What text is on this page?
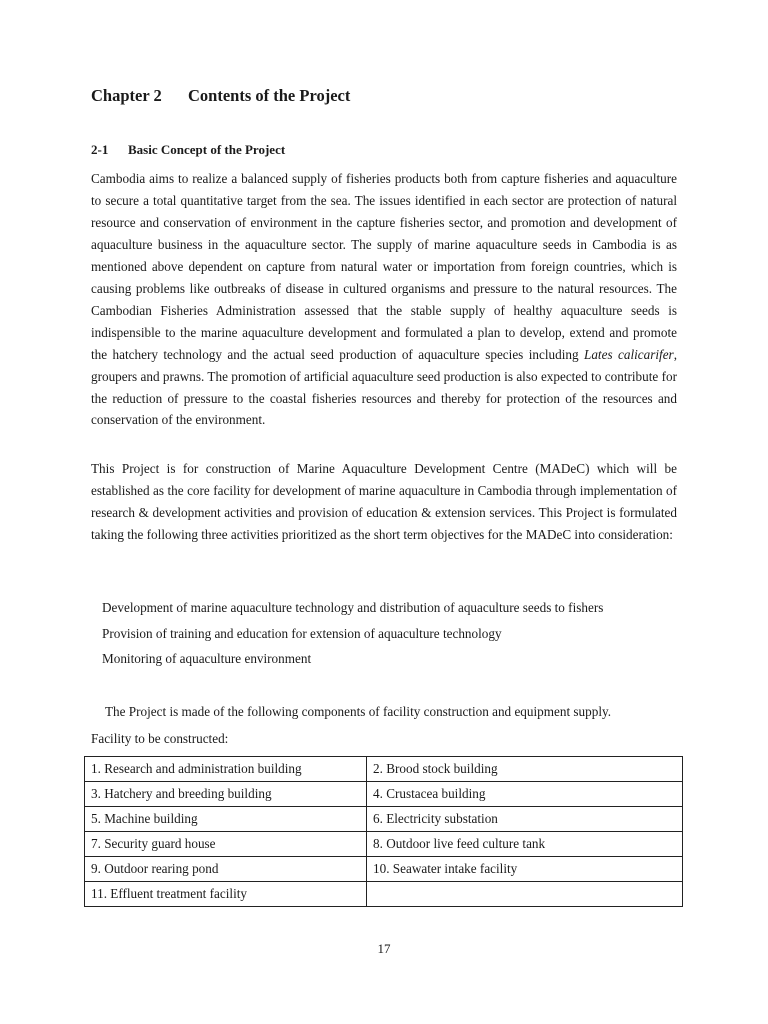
Chapter 2 Contents of the Project
2-1 Basic Concept of the Project

Cambodia aims to realize a balanced supply of fisheries products both from capture fisheries and aquaculture to secure a total quantitative target from the sea. The issues identified in each sector are protection of natural resource and conservation of environment in the capture fisheries sector, and promotion and development of aquaculture business in the aquaculture sector. The supply of marine aquaculture seeds in Cambodia is as mentioned above dependent on capture from natural water or importation from foreign countries, which is causing problems like outbreaks of disease in cultured organisms and pressure to the natural resources. The Cambodian Fisheries Administration assessed that the stable supply of healthy aquaculture seeds is indispensible to the marine aquaculture development and formulated a plan to develop, extend and promote the hatchery technology and the actual seed production of aquaculture species including Lates calicarifer, groupers and prawns. The promotion of artificial aquaculture seed production is also expected to contribute for the reduction of pressure to the coastal fisheries resources and thereby for protection of the resources and conservation of the environment.

This Project is for construction of Marine Aquaculture Development Centre (MADeC) which will be established as the core facility for development of marine aquaculture in Cambodia through implementation of research & development activities and provision of education & extension services. This Project is formulated taking the following three activities prioritized as the short term objectives for the MADeC into consideration:

Development of marine aquaculture technology and distribution of aquaculture seeds to fishers
Provision of training and education for extension of aquaculture technology
Monitoring of aquaculture environment
The Project is made of the following components of facility construction and equipment supply.
Facility to be constructed:
1. Research and administration building	2. Brood stock building
3. Hatchery and breeding building	4. Crustacea building
5. Machine building	6. Electricity substation
7. Security guard house	8. Outdoor live feed culture tank
9. Outdoor rearing pond	10. Seawater intake facility
11. Effluent treatment facility	
17
